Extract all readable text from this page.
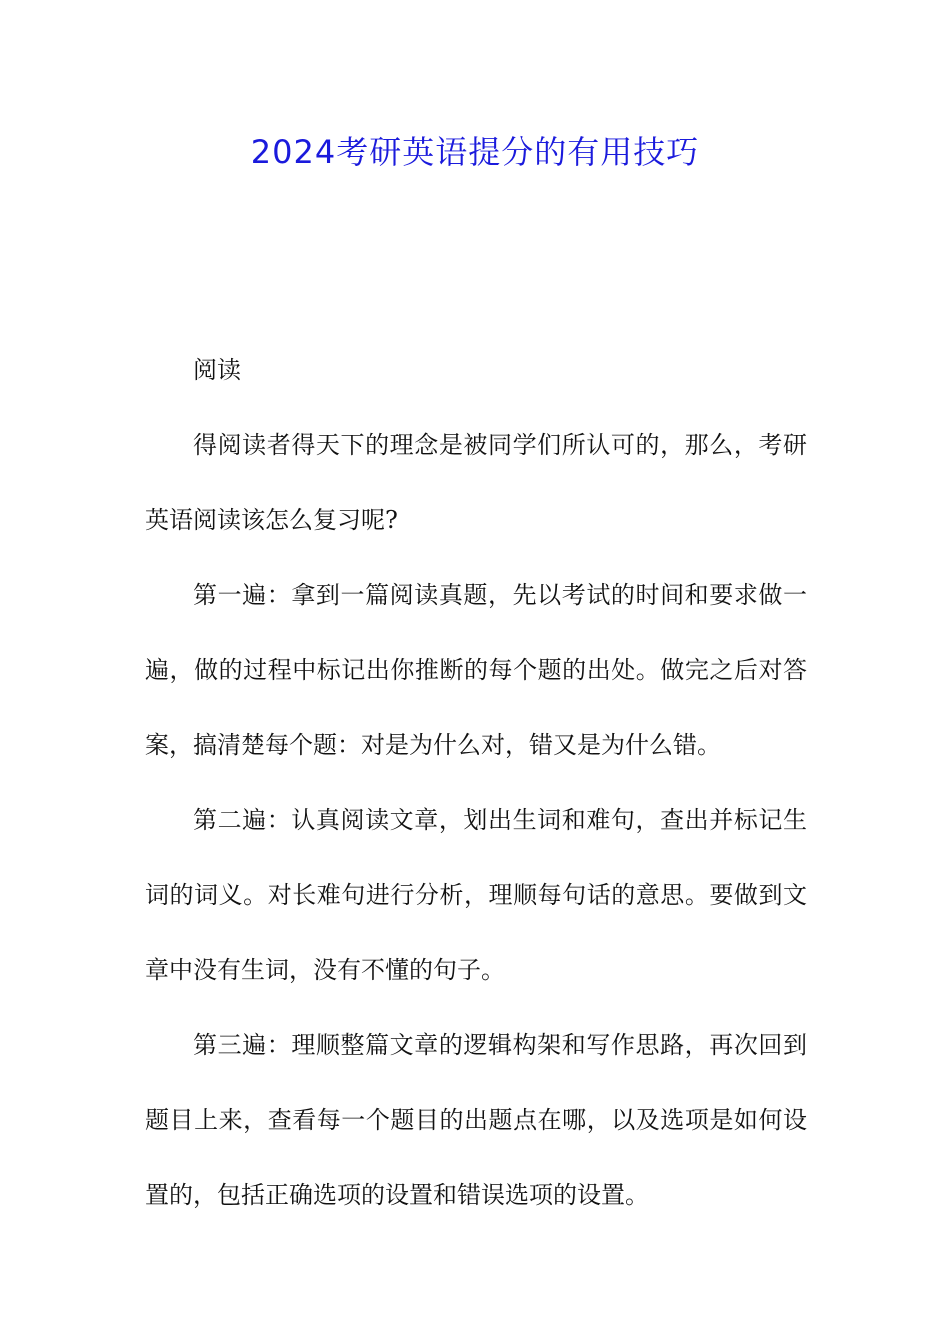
2024考研英语提分的有用技巧

阅读

得阅读者得天下的理念是被同学们所认可的，那么，考研英语阅读该怎么复习呢?

第一遍：拿到一篇阅读真题，先以考试的时间和要求做一遍，做的过程中标记出你推断的每个题的出处。做完之后对答案，搞清楚每个题：对是为什么对，错又是为什么错。

第二遍：认真阅读文章，划出生词和难句，查出并标记生词的词义。对长难句进行分析，理顺每句话的意思。要做到文章中没有生词，没有不懂的句子。

第三遍：理顺整篇文章的逻辑构架和写作思路，再次回到题目上来，查看每一个题目的出题点在哪，以及选项是如何设置的，包括正确选项的设置和错误选项的设置。
